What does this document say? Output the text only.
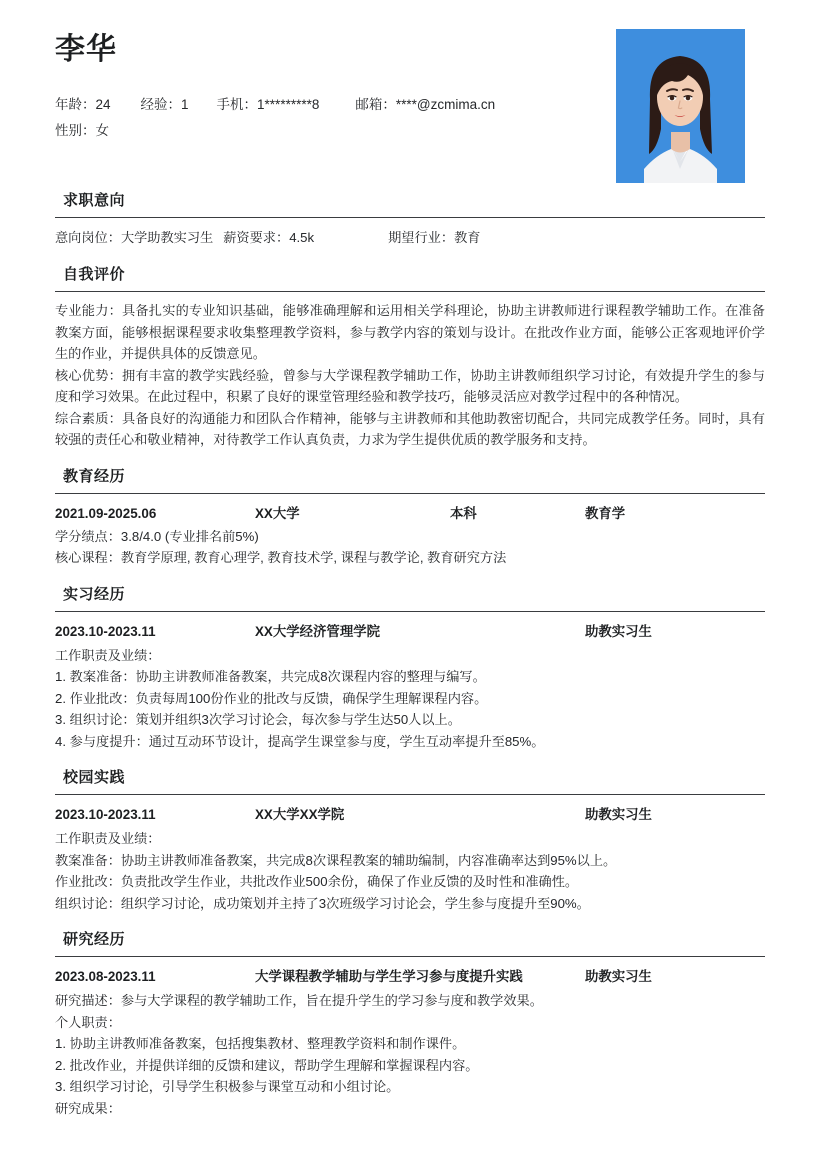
李华
年龄：24 经验：1 手机：1*********8	邮箱：****@zcmima.cn
性别：女
求职意向
意向岗位：大学助教实习生 薪资要求：4.5k	期望行业：教育
自我评价
专业能力：具备扎实的专业知识基础，能够准确理解和运用相关学科理论，协助主讲教师进行课程教学辅助工作。在准备教案方面，能够根据课程要求收集整理教学资料，参与教学内容的策划与设计。在批改作业方面，能够公正客观地评价学生的作业，并提供具体的反馈意见。
核心优势：拥有丰富的教学实践经验，曾参与大学课程教学辅助工作，协助主讲教师组织学习讨论，有效提升学生的参与度和学习效果。在此过程中，积累了良好的课堂管理经验和教学技巧，能够灵活应对教学过程中的各种情况。
综合素质：具备良好的沟通能力和团队合作精神，能够与主讲教师和其他助教密切配合，共同完成教学任务。同时，具有较强的责任心和敬业精神，对待教学工作认真负责，力求为学生提供优质的教学服务和支持。
教育经历
2021.09-2025.06	XX大学	本科	教育学
学分绩点：3.8/4.0 (专业排名前5%)
核心课程：教育学原理, 教育心理学, 教育技术学, 课程与教学论, 教育研究方法
实习经历
2023.10-2023.11	XX大学经济管理学院	助教实习生
工作职责及业绩：
1. 教案准备：协助主讲教师准备教案，共完成8次课程内容的整理与编写。
2. 作业批改：负责每周100份作业的批改与反馈，确保学生理解课程内容。
3. 组织讨论：策划并组织3次学习讨论会，每次参与学生达50人以上。
4. 参与度提升：通过互动环节设计，提高学生课堂参与度，学生互动率提升至85%。
校园实践
2023.10-2023.11	XX大学XX学院	助教实习生
工作职责及业绩：
教案准备：协助主讲教师准备教案，共完成8次课程教案的辅助编制，内容准确率达到95%以上。
作业批改：负责批改学生作业，共批改作业500余份，确保了作业反馈的及时性和准确性。
组织讨论：组织学习讨论，成功策划并主持了3次班级学习讨论会，学生参与度提升至90%。
研究经历
2023.08-2023.11	大学课程教学辅助与学生学习参与度提升实践	助教实习生
研究描述：参与大学课程的教学辅助工作，旨在提升学生的学习参与度和教学效果。
个人职责：
1. 协助主讲教师准备教案，包括搜集教材、整理教学资料和制作课件。
2. 批改作业，并提供详细的反馈和建议，帮助学生理解和掌握课程内容。
3. 组织学习讨论，引导学生积极参与课堂互动和小组讨论。
研究成果：
